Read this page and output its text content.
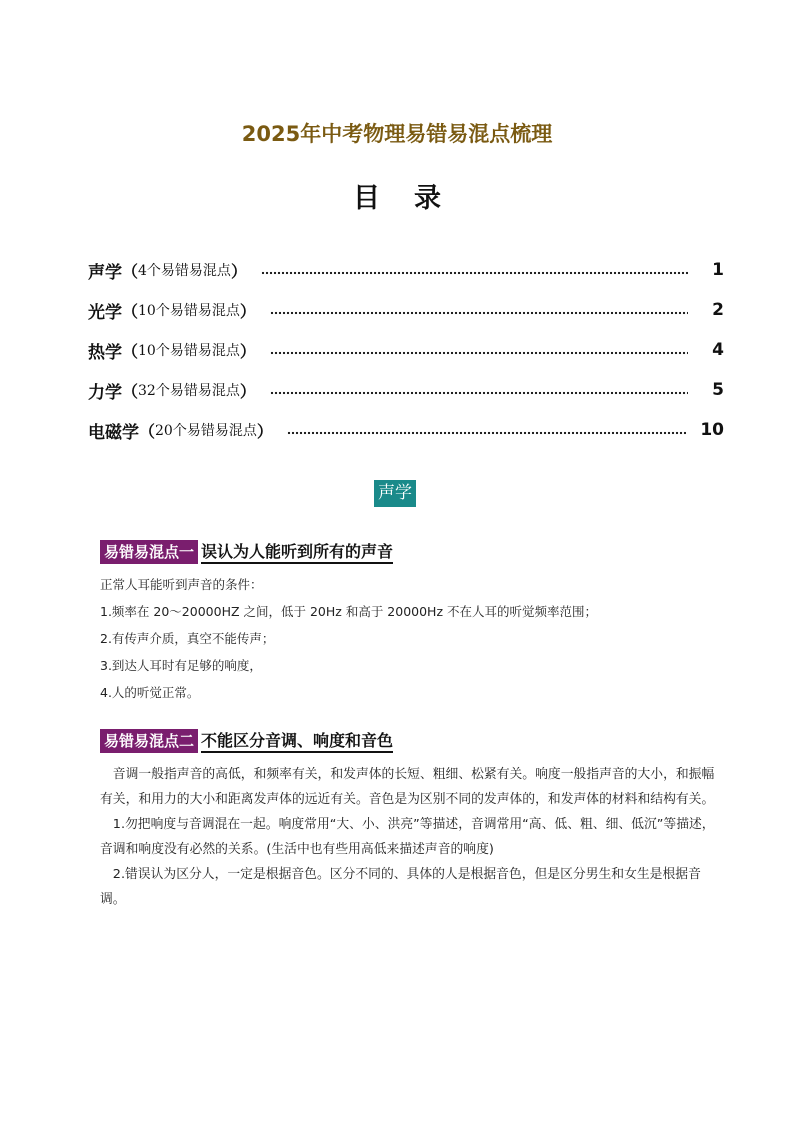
2025年中考物理易错易混点梳理
目录
声学 （ 4个易错易混点 ）	1
光学 （ 10个易错易混点 ）	2
热学 （ 10个易错易混点 ）	4
力学 （ 32个易错易混点 ）	5
电磁学 （ 20个易错易混点 ）	10
声学
易错易混点一 误认为人能听到所有的声音
正常人耳能听到声音的条件：
1.频率在 20～20000HZ 之间，低于 20Hz 和高于 20000Hz 不在人耳的听觉频率范围；
2.有传声介质，真空不能传声；
3.到达人耳时有足够的响度，
4.人的听觉正常。
易错易混点二 不能区分音调、响度和音色

音调一般指声音的高低，和频率有关，和发声体的长短、粗细、松紧有关。响度一般指声音的大小，和振幅有关，和用力的大小和距离发声体的远近有关。音色是为区别不同的发声体的，和发声体的材料和结构有关。

1.勿把响度与音调混在一起。响度常用“大、小、洪亮”等描述，音调常用“高、低、粗、细、低沉”等描述，音调和响度没有必然的关系。(生活中也有些用高低来描述声音的响度)

2.错误认为区分人，一定是根据音色。区分不同的、具体的人是根据音色，但是区分男生和女生是根据音调。
